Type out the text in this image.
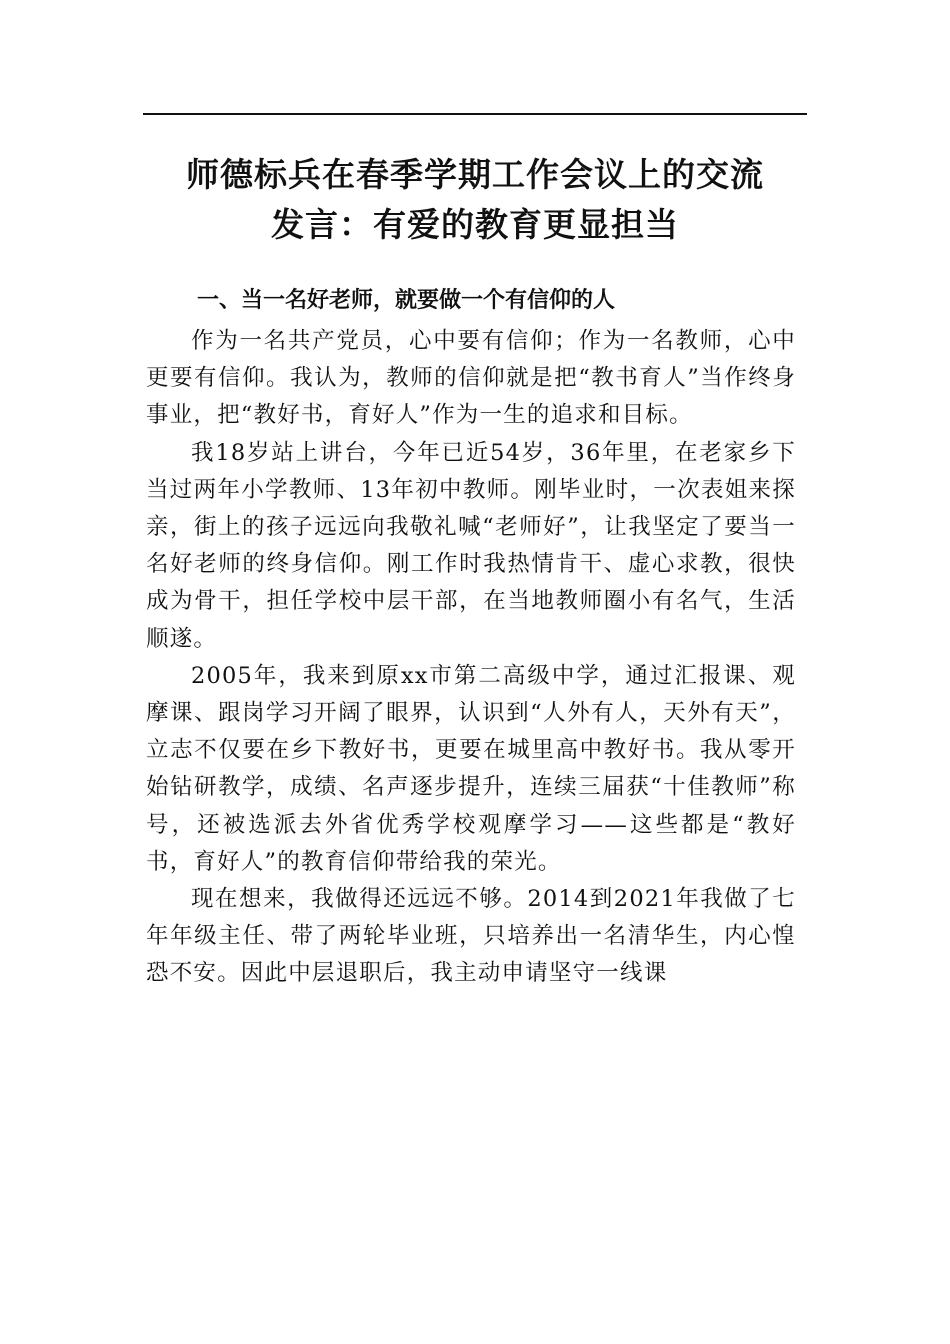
师德标兵在春季学期工作会议上的交流
发言：有爱的教育更显担当
一、当一名好老师，就要做一个有信仰的人

作为一名共产党员，心中要有信仰；作为一名教师，心中更要有信仰。我认为，教师的信仰就是把“教书育人”当作终身事业，把“教好书，育好人”作为一生的追求和目标。

我18岁站上讲台，今年已近54岁，36年里，在老家乡下当过两年小学教师、13年初中教师。刚毕业时，一次表姐来探亲，街上的孩子远远向我敬礼喊“老师好”，让我坚定了要当一名好老师的终身信仰。刚工作时我热情肯干、虚心求教，很快成为骨干，担任学校中层干部，在当地教师圈小有名气，生活顺遂。

2005年，我来到原xx市第二高级中学，通过汇报课、观摩课、跟岗学习开阔了眼界，认识到“人外有人，天外有天”，立志不仅要在乡下教好书，更要在城里高中教好书。我从零开始钻研教学，成绩、名声逐步提升，连续三届获“十佳教师”称号，还被选派去外省优秀学校观摩学习——这些都是“教好书，育好人”的教育信仰带给我的荣光。

现在想来，我做得还远远不够。2014到2021年我做了七年年级主任、带了两轮毕业班，只培养出一名清华生，内心惶恐不安。因此中层退职后，我主动申请坚守一线课
